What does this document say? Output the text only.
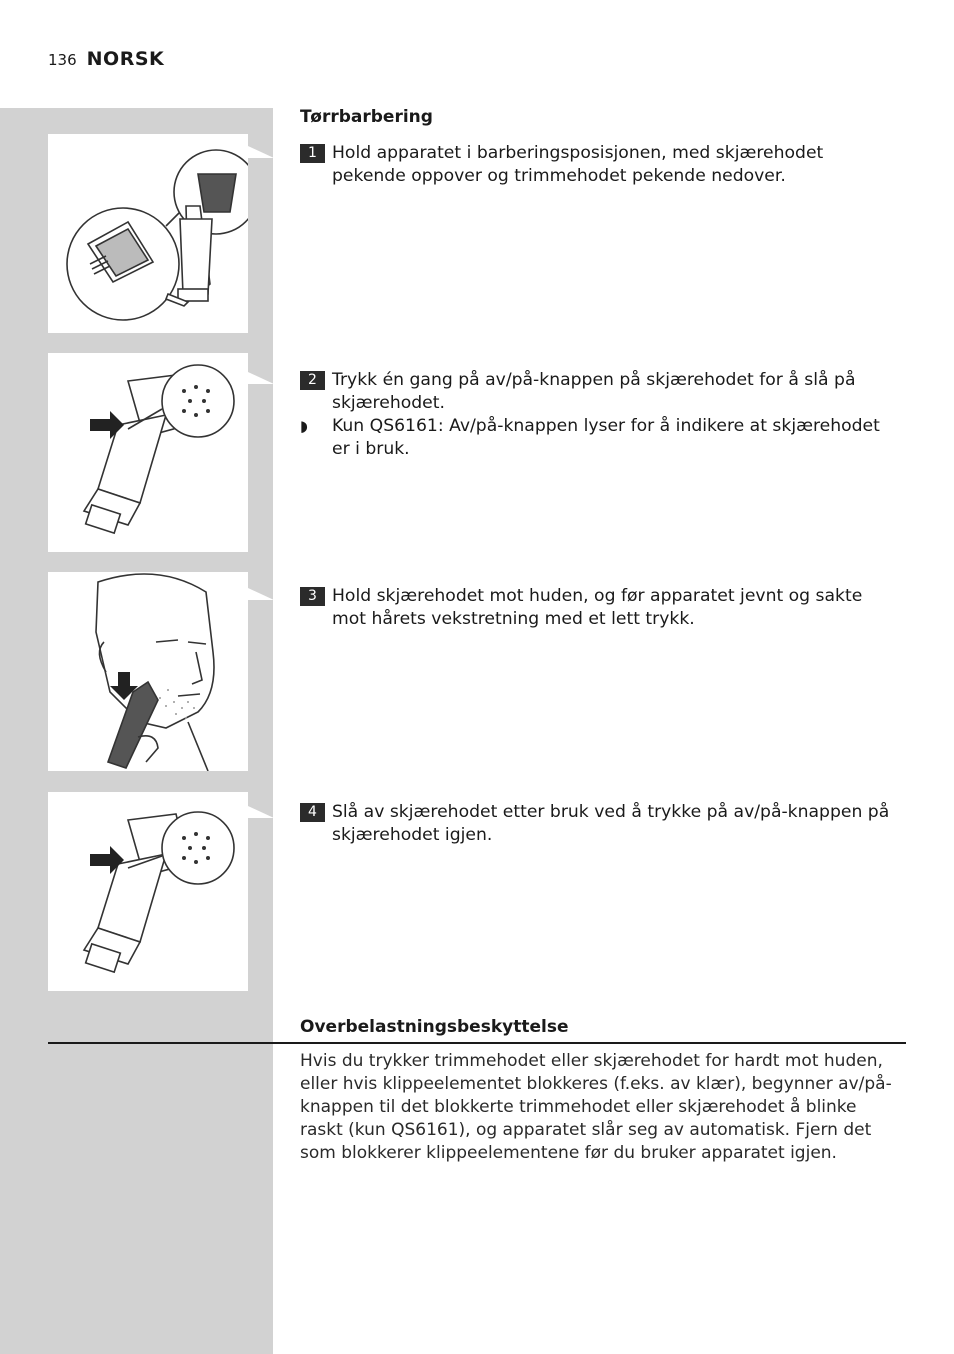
136 NORSK
Tørrbarbering
1 Hold apparatet i barberingsposisjonen, med skjærehodet pekende oppover og trimmehodet pekende nedover.
2 Trykk én gang på av/på-knappen på skjærehodet for å slå på skjærehodet.
◗	Kun QS6161: Av/på-knappen lyser for å indikere at skjærehodet er i bruk.
3 Hold skjærehodet mot huden, og før apparatet jevnt og sakte mot hårets vekstretning med et lett trykk.
4 Slå av skjærehodet etter bruk ved å trykke på av/på-knappen på skjærehodet igjen.
Overbelastningsbeskyttelse
Hvis du trykker trimmehodet eller skjærehodet for hardt mot huden, eller hvis klippeelementet blokkeres (f.eks. av klær), begynner av/på-knappen til det blokkerte trimmehodet eller skjærehodet å blinke raskt (kun QS6161), og apparatet slår seg av automatisk. Fjern det som blokkerer klippeelementene før du bruker apparatet igjen.
